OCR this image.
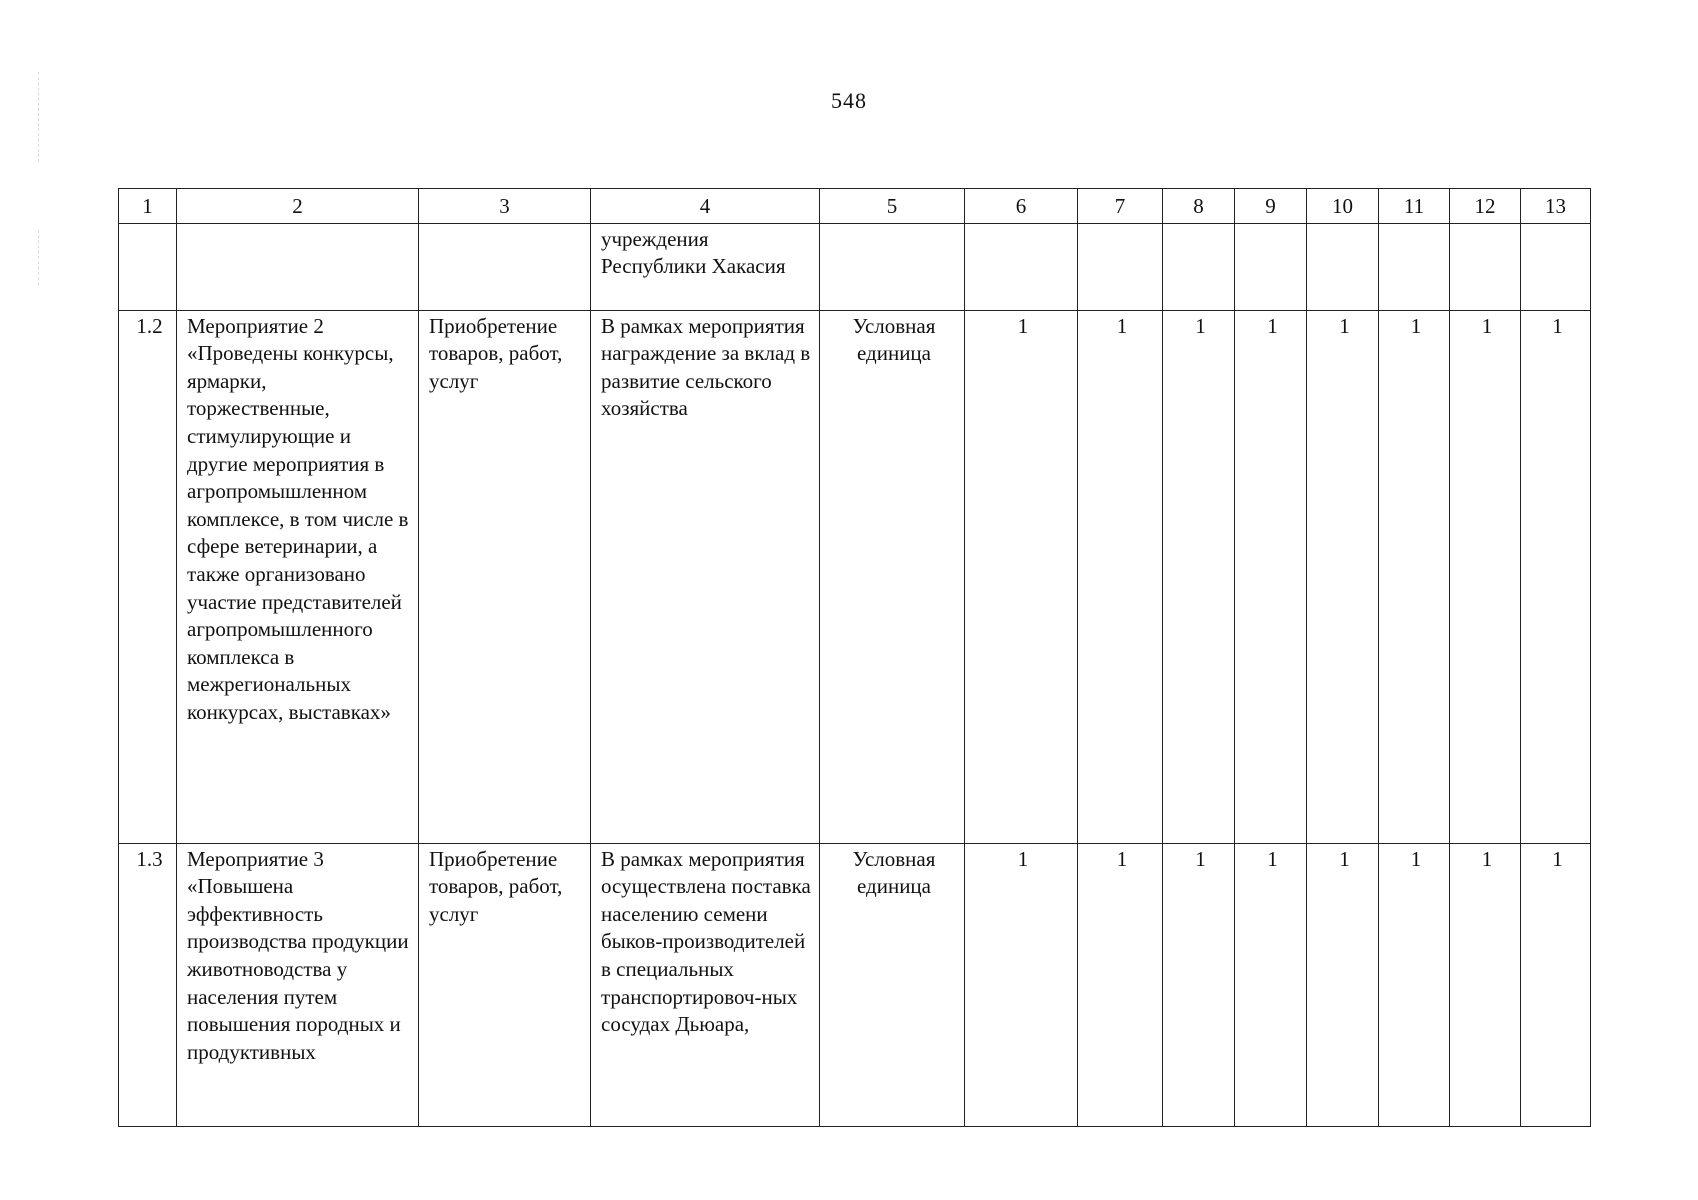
548
1	2	3	4	5	6	7	8	9	10	11	12	13
			учреждения Республики Хакасия									
1.2	Мероприятие 2 «Проведены конкурсы, ярмарки, торжественные, стимулирующие и другие мероприятия в агропромышленном комплексе, в том числе в сфере ветеринарии, а также организовано участие представителей агропромышленного комплекса в межрегиональных конкурсах, выставках»	Приобретение товаров, работ, услуг	В рамках мероприятия награждение за вклад в развитие сельского хозяйства	Условная единица	1	1	1	1	1	1	1	1
1.3	Мероприятие 3 «Повышена эффективность производства продукции животноводства у населения путем повышения породных и продуктивных	Приобретение товаров, работ, услуг	В рамках мероприятия осуществлена поставка населению семени быков-производителей в специальных транспортировоч-ных сосудах Дьюара,	Условная единица	1	1	1	1	1	1	1	1
